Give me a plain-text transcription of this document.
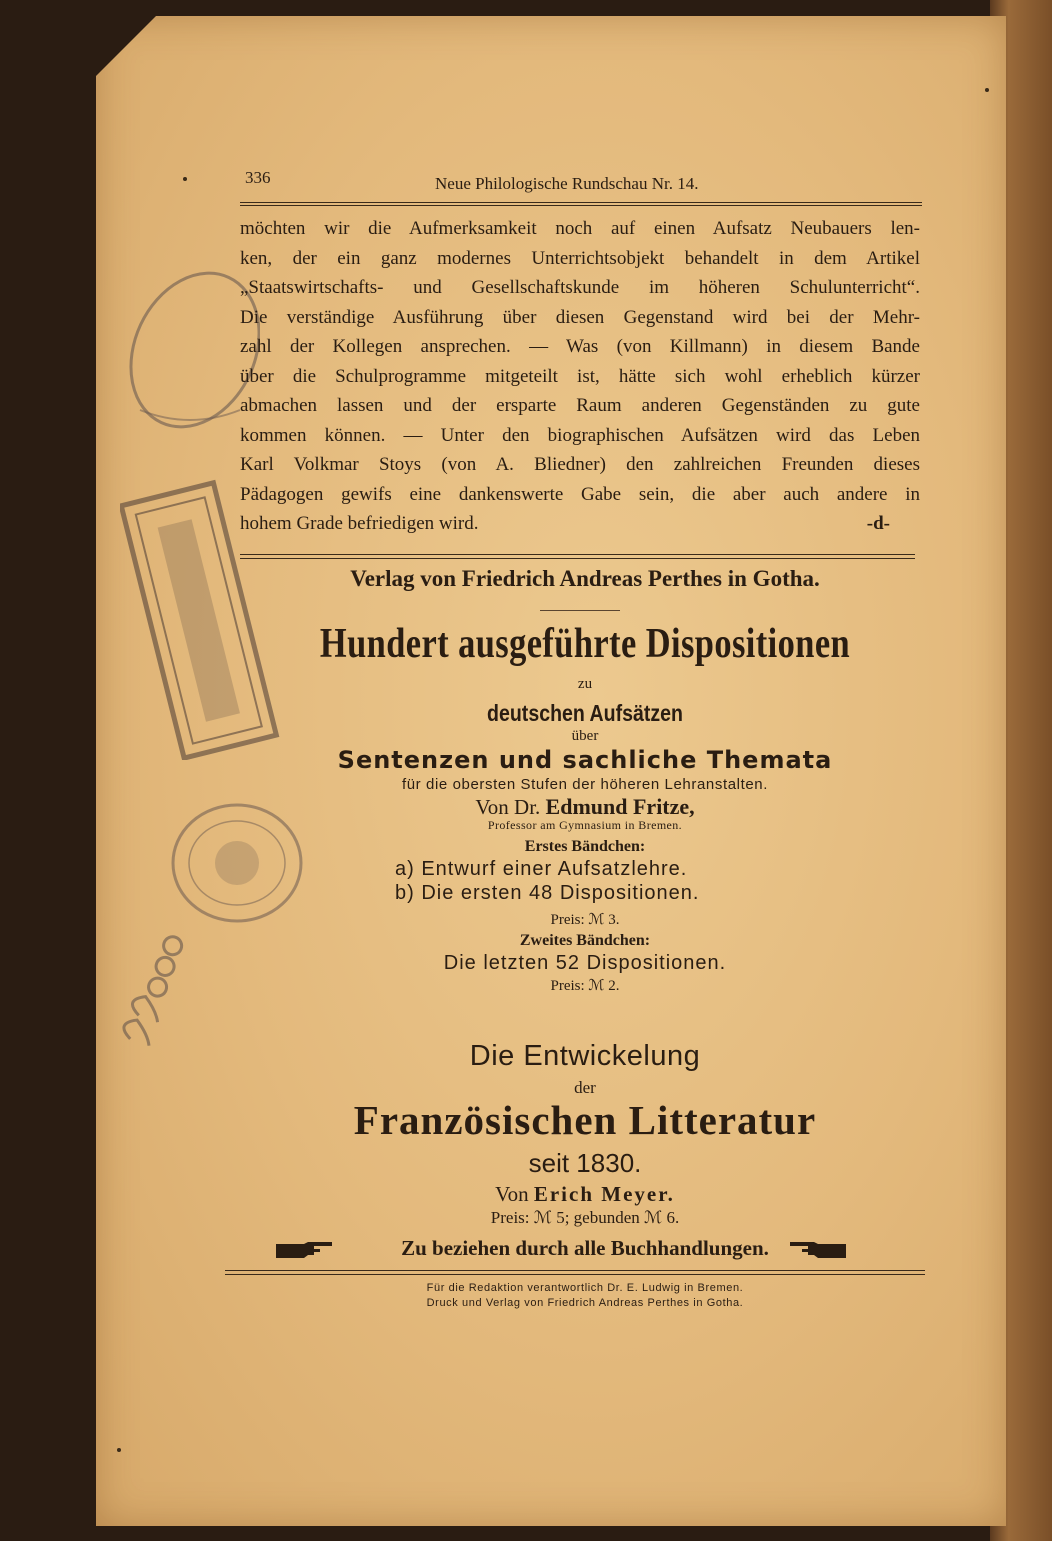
336	Neue Philologische Rundschau Nr. 14.
möchten wir die Aufmerksamkeit noch auf einen Aufsatz Neubauers len-
ken, der ein ganz modernes Unterrichtsobjekt behandelt in dem Artikel
„Staatswirtschafts- und Gesellschaftskunde im höheren Schulunterricht“.
Die verständige Ausführung über diesen Gegenstand wird bei der Mehr-
zahl der Kollegen ansprechen. — Was (von Killmann) in diesem Bande
über die Schulprogramme mitgeteilt ist, hätte sich wohl erheblich kürzer
abmachen lassen und der ersparte Raum anderen Gegenständen zu gute
kommen können. — Unter den biographischen Aufsätzen wird das Leben
Karl Volkmar Stoys (von A. Bliedner) den zahlreichen Freunden dieses
Pädagogen gewifs eine dankenswerte Gabe sein, die aber auch andere in
hohem Grade befriedigen wird.	-d-
Verlag von Friedrich Andreas Perthes in Gotha.
Hundert ausgeführte Dispositionen
zu
deutschen Aufsätzen
über
Sentenzen und sachliche Themata
für die obersten Stufen der höheren Lehranstalten.
Von Dr. Edmund Fritze,
Professor am Gymnasium in Bremen.
Erstes Bändchen:
a) Entwurf einer Aufsatzlehre.
b) Die ersten 48 Dispositionen.
Preis: ℳ 3.
Zweites Bändchen:
Die letzten 52 Dispositionen.
Preis: ℳ 2.
Die Entwickelung
der
Französischen Litteratur
seit 1830.
Von Erich Meyer.
Preis: ℳ 5; gebunden ℳ 6.
Zu beziehen durch alle Buchhandlungen.
Für die Redaktion verantwortlich Dr. E. Ludwig in Bremen.
Druck und Verlag von Friedrich Andreas Perthes in Gotha.
